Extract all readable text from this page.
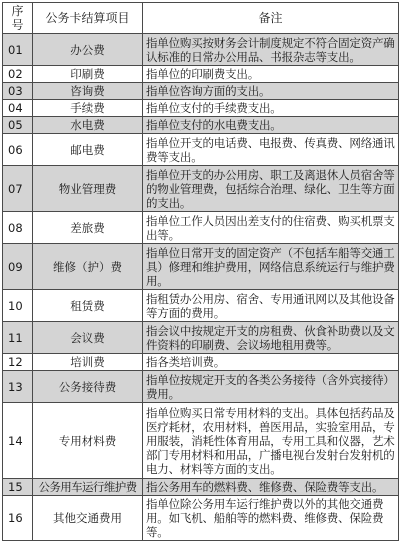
序号	公务卡结算项目	备注
01	办公费	指单位购买按财务会计制度规定不符合固定资产确认标准的日常办公用品、书报杂志等支出。
02	印刷费	指单位的印刷费支出。
03	咨询费	指单位咨询方面的支出。
04	手续费	指单位支付的手续费支出。
05	水电费	指单位支付的水电费支出。
06	邮电费	指单位开支的电话费、电报费、传真费、网络通讯费等支出。
07	物业管理费	指单位开支的办公用房、职工及离退休人员宿舍等的物业管理费，包括综合治理、绿化、卫生等方面的支出。
08	差旅费	指单位工作人员因出差支付的住宿费、购买机票支出等。
09	维修（护）费	指单位日常开支的固定资产（不包括车船等交通工具）修理和维护费用，网络信息系统运行与维护费用。
10	租赁费	指租赁办公用房、宿舍、专用通讯网以及其他设备等方面的费用。
11	会议费	指会议中按规定开支的房租费、伙食补助费以及文件资料的印刷费、会议场地租用费等。
12	培训费	指各类培训费。
13	公务接待费	指单位按规定开支的各类公务接待（含外宾接待）费用。
14	专用材料费	指单位购买日常专用材料的支出。具体包括药品及医疗耗材，农用材料，兽医用品，实验室用品，专用服装，消耗性体育用品，专用工具和仪器，艺术部门专用材料和用品，广播电视台发射台发射机的电力、材料等方面的支出。
15	公务用车运行维护费	指公务用车的燃料费、维修费、保险费等支出。
16	其他交通费用	指单位除公务用车运行维护费以外的其他交通费用。如飞机、船舶等的燃料费、维修费、保险费等。
